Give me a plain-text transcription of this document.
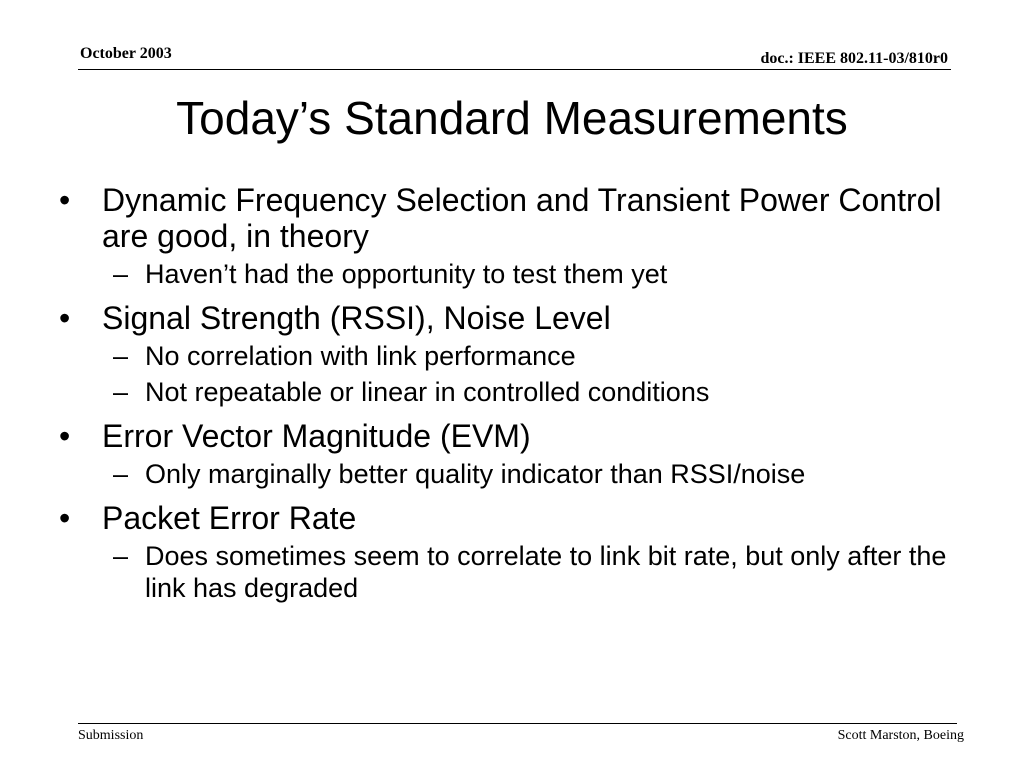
October 2003	doc.: IEEE 802.11-03/810r0
Today’s Standard Measurements
• Dynamic Frequency Selection and Transient Power Control are good, in theory
– Haven’t had the opportunity to test them yet
• Signal Strength (RSSI), Noise Level
– No correlation with link performance
– Not repeatable or linear in controlled conditions
• Error Vector Magnitude (EVM)
– Only marginally better quality indicator than RSSI/noise
• Packet Error Rate
– Does sometimes seem to correlate to link bit rate, but only after the link has degraded
Submission	Scott Marston, Boeing
